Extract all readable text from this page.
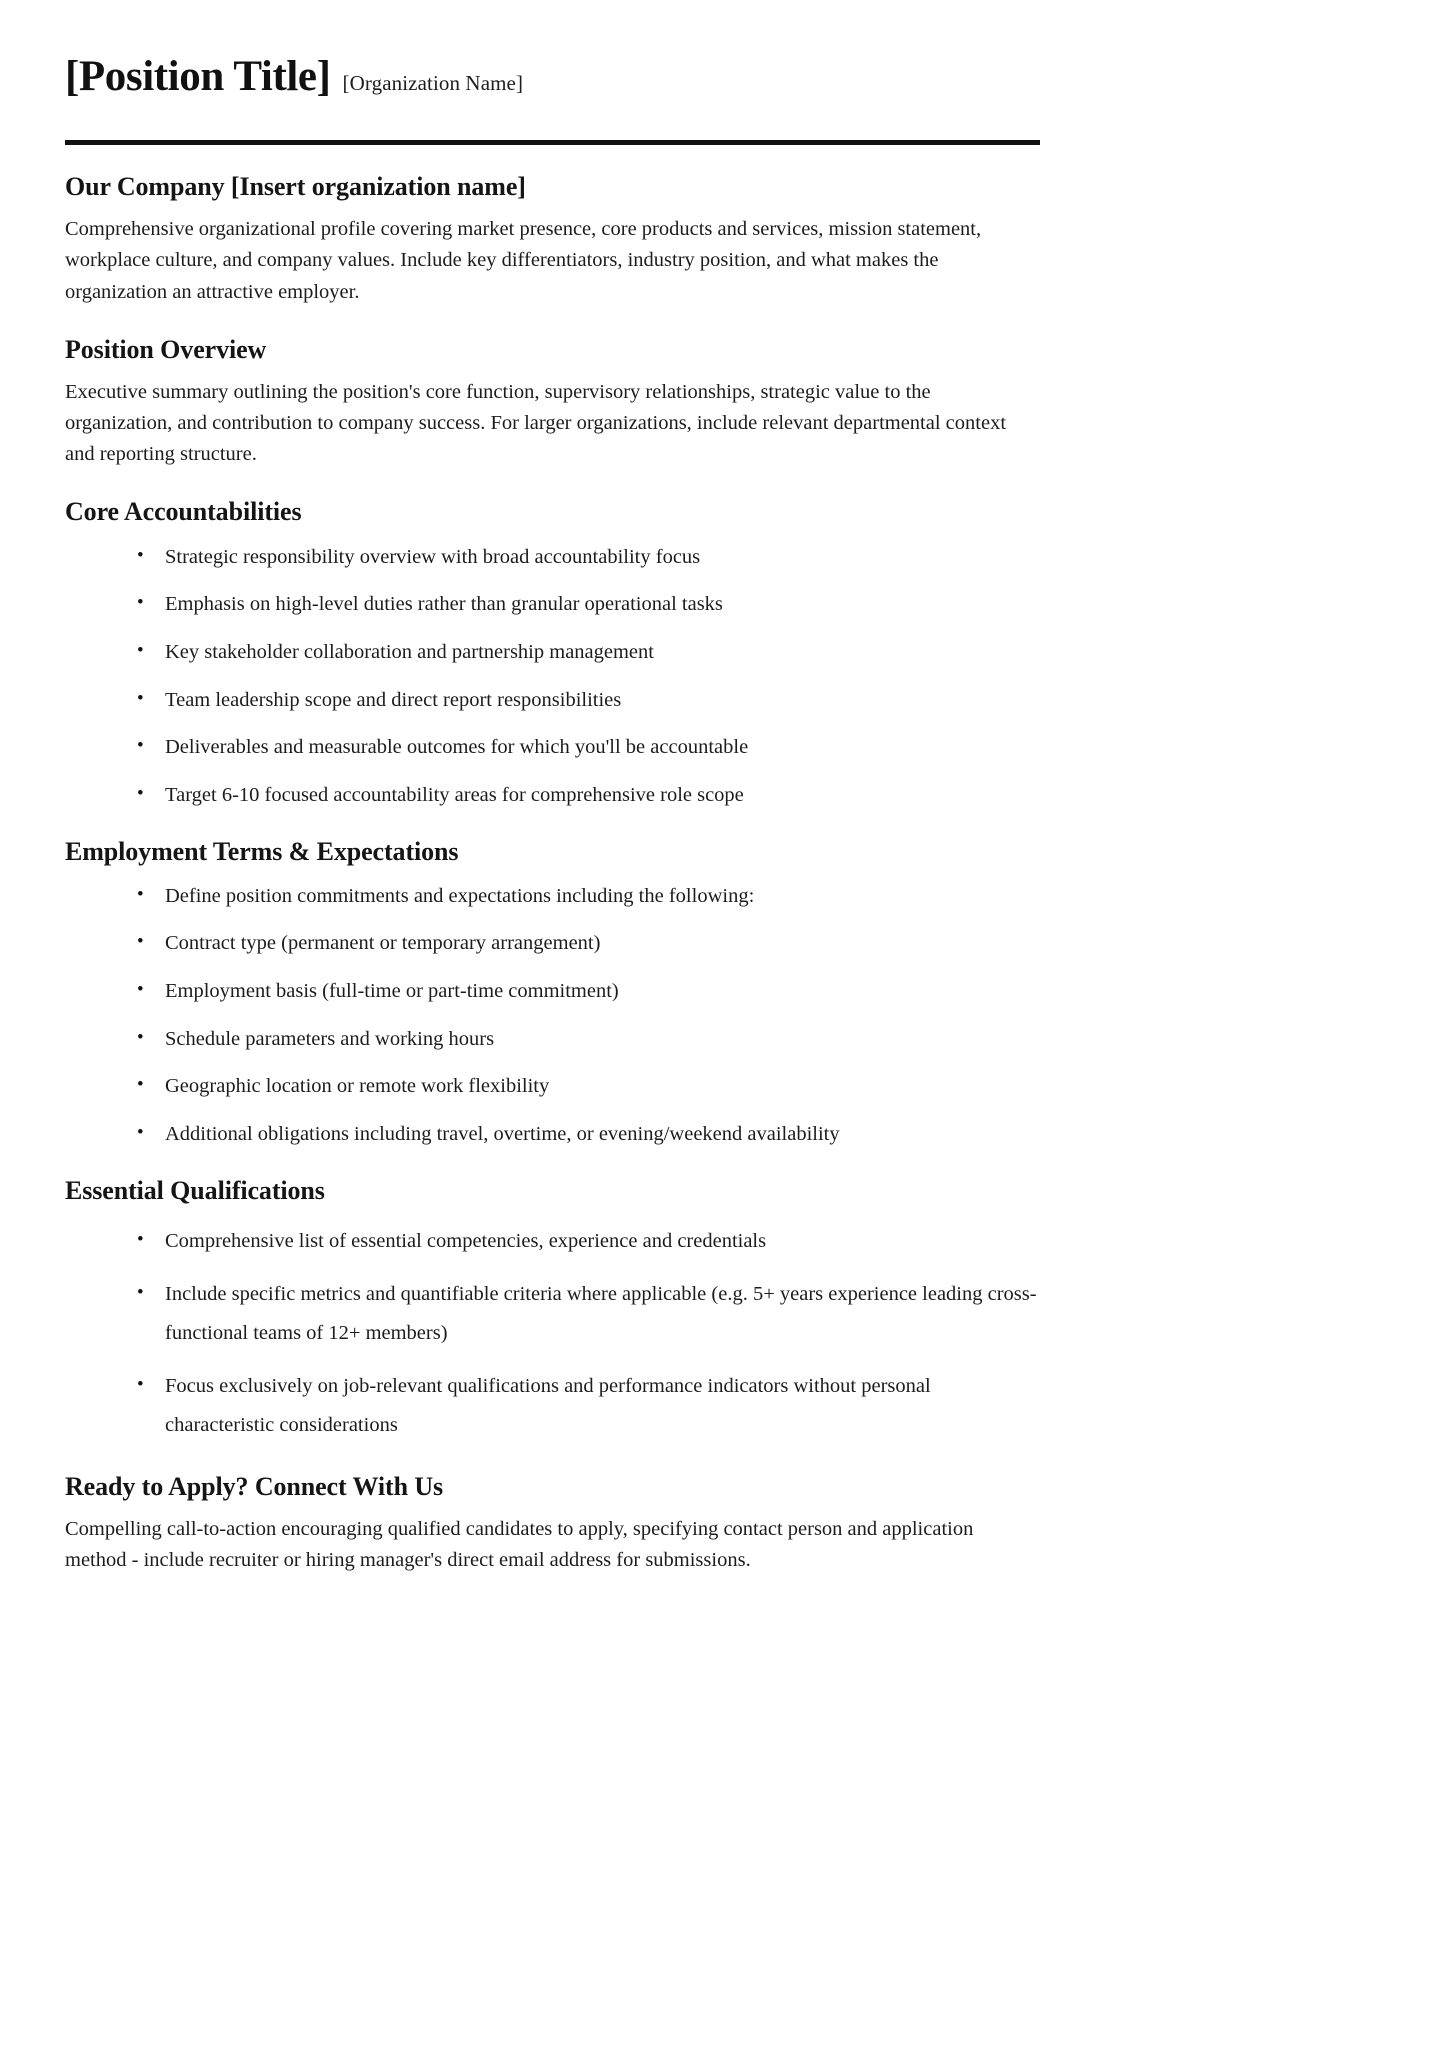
[Position Title] [Organization Name]
Our Company [Insert organization name]

Comprehensive organizational profile covering market presence, core products and services, mission statement, workplace culture, and company values. Include key differentiators, industry position, and what makes the organization an attractive employer.

Position Overview

Executive summary outlining the position's core function, supervisory relationships, strategic value to the organization, and contribution to company success. For larger organizations, include relevant departmental context and reporting structure.

Core Accountabilities
• Strategic responsibility overview with broad accountability focus
• Emphasis on high-level duties rather than granular operational tasks
• Key stakeholder collaboration and partnership management
• Team leadership scope and direct report responsibilities
• Deliverables and measurable outcomes for which you'll be accountable
• Target 6-10 focused accountability areas for comprehensive role scope
Employment Terms & Expectations
• Define position commitments and expectations including the following:
• Contract type (permanent or temporary arrangement)
• Employment basis (full-time or part-time commitment)
• Schedule parameters and working hours
• Geographic location or remote work flexibility
• Additional obligations including travel, overtime, or evening/weekend availability
Essential Qualifications
• Comprehensive list of essential competencies, experience and credentials
• Include specific metrics and quantifiable criteria where applicable (e.g. 5+ years experience leading cross-functional teams of 12+ members)
• Focus exclusively on job-relevant qualifications and performance indicators without personal characteristic considerations
Ready to Apply? Connect With Us

Compelling call-to-action encouraging qualified candidates to apply, specifying contact person and application method - include recruiter or hiring manager's direct email address for submissions.
